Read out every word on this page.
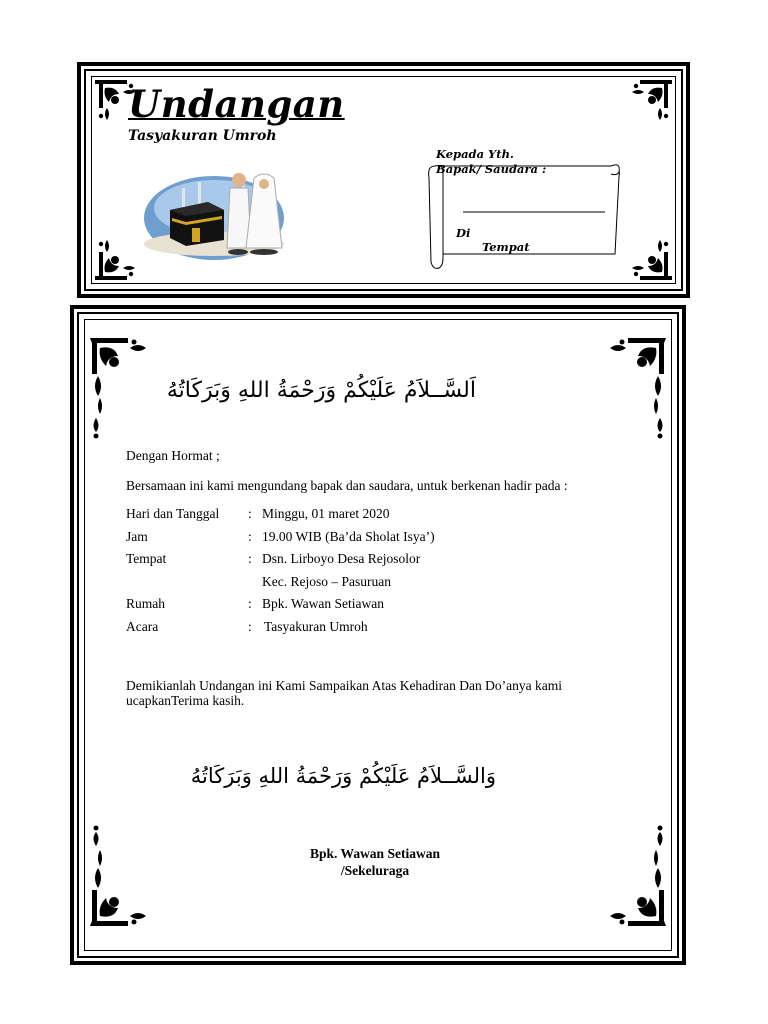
Undangan
Tasyakuran Umroh
Kepada Yth.
Bapak/ Saudara :
Di
Tempat
اَلسَّــلاَمُ عَلَيْكُمْ وَرَحْمَةُ اللهِ وَبَرَكَاتُهُ
Dengan Hormat ;
Bersamaan ini kami mengundang bapak dan saudara, untuk berkenan hadir pada :
Hari dan Tanggal : Minggu, 01 maret 2020
Jam	: 19.00 WIB (Ba’da Sholat Isya’)
Tempat	: Dsn. Lirboyo Desa Rejosolor
Kec. Rejoso – Pasuruan
Rumah	: Bpk. Wawan Setiawan
Acara	: Tasyakuran Umroh
Demikianlah Undangan ini Kami Sampaikan Atas Kehadiran Dan Do’anya kami
ucapkanTerima kasih.
وَالسَّــلاَمُ عَلَيْكُمْ وَرَحْمَةُ اللهِ وَبَرَكَاتُهُ
Bpk. Wawan Setiawan
/Sekeluraga
